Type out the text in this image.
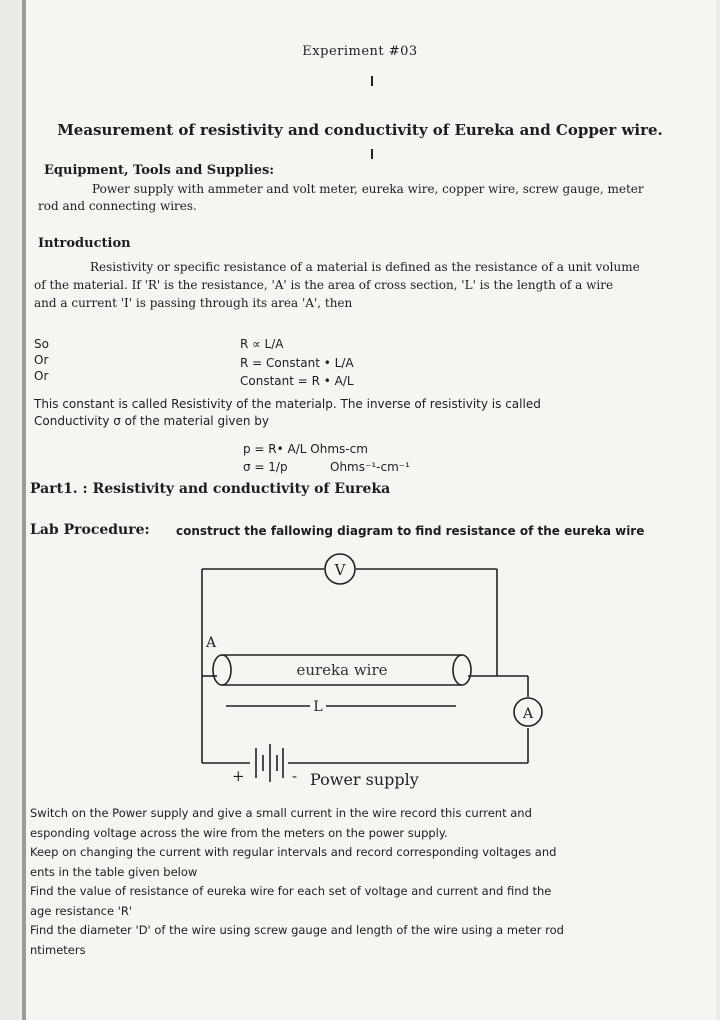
Experiment #03
Measurement of resistivity and conductivity of Eureka and Copper wire.
Equipment, Tools and Supplies:
Power supply with ammeter and volt meter, eureka wire, copper wire, screw gauge, meter
rod and connecting wires.
Introduction
Resistivity or specific resistance of a material is defined as the resistance of a unit volume
of the material. If 'R' is the resistance, 'A' is the area of cross section, 'L' is the length of a wire
and a current 'I' is passing through its area 'A', then
So
Or
Or
R ∝ L/A
R = Constant • L/A
Constant = R • A/L
This constant is called Resistivity of the materialp. The inverse of resistivity is called
Conductivity σ of the material given by
p = R• A/L Ohms-cm
σ = 1/p	Ohms⁻¹-cm⁻¹
Part1. : Resistivity and conductivity of Eureka
Lab Procedure: construct the fallowing diagram to find resistance of the eureka wire
V
A
A
eureka wire
L
+	- Power supply
Switch on the Power supply and give a small current in the wire record this current and
esponding voltage across the wire from the meters on the power supply.
Keep on changing the current with regular intervals and record corresponding voltages and
ents in the table given below
Find the value of resistance of eureka wire for each set of voltage and current and find the
age resistance 'R'
Find the diameter 'D' of the wire using screw gauge and length of the wire using a meter rod
ntimeters
